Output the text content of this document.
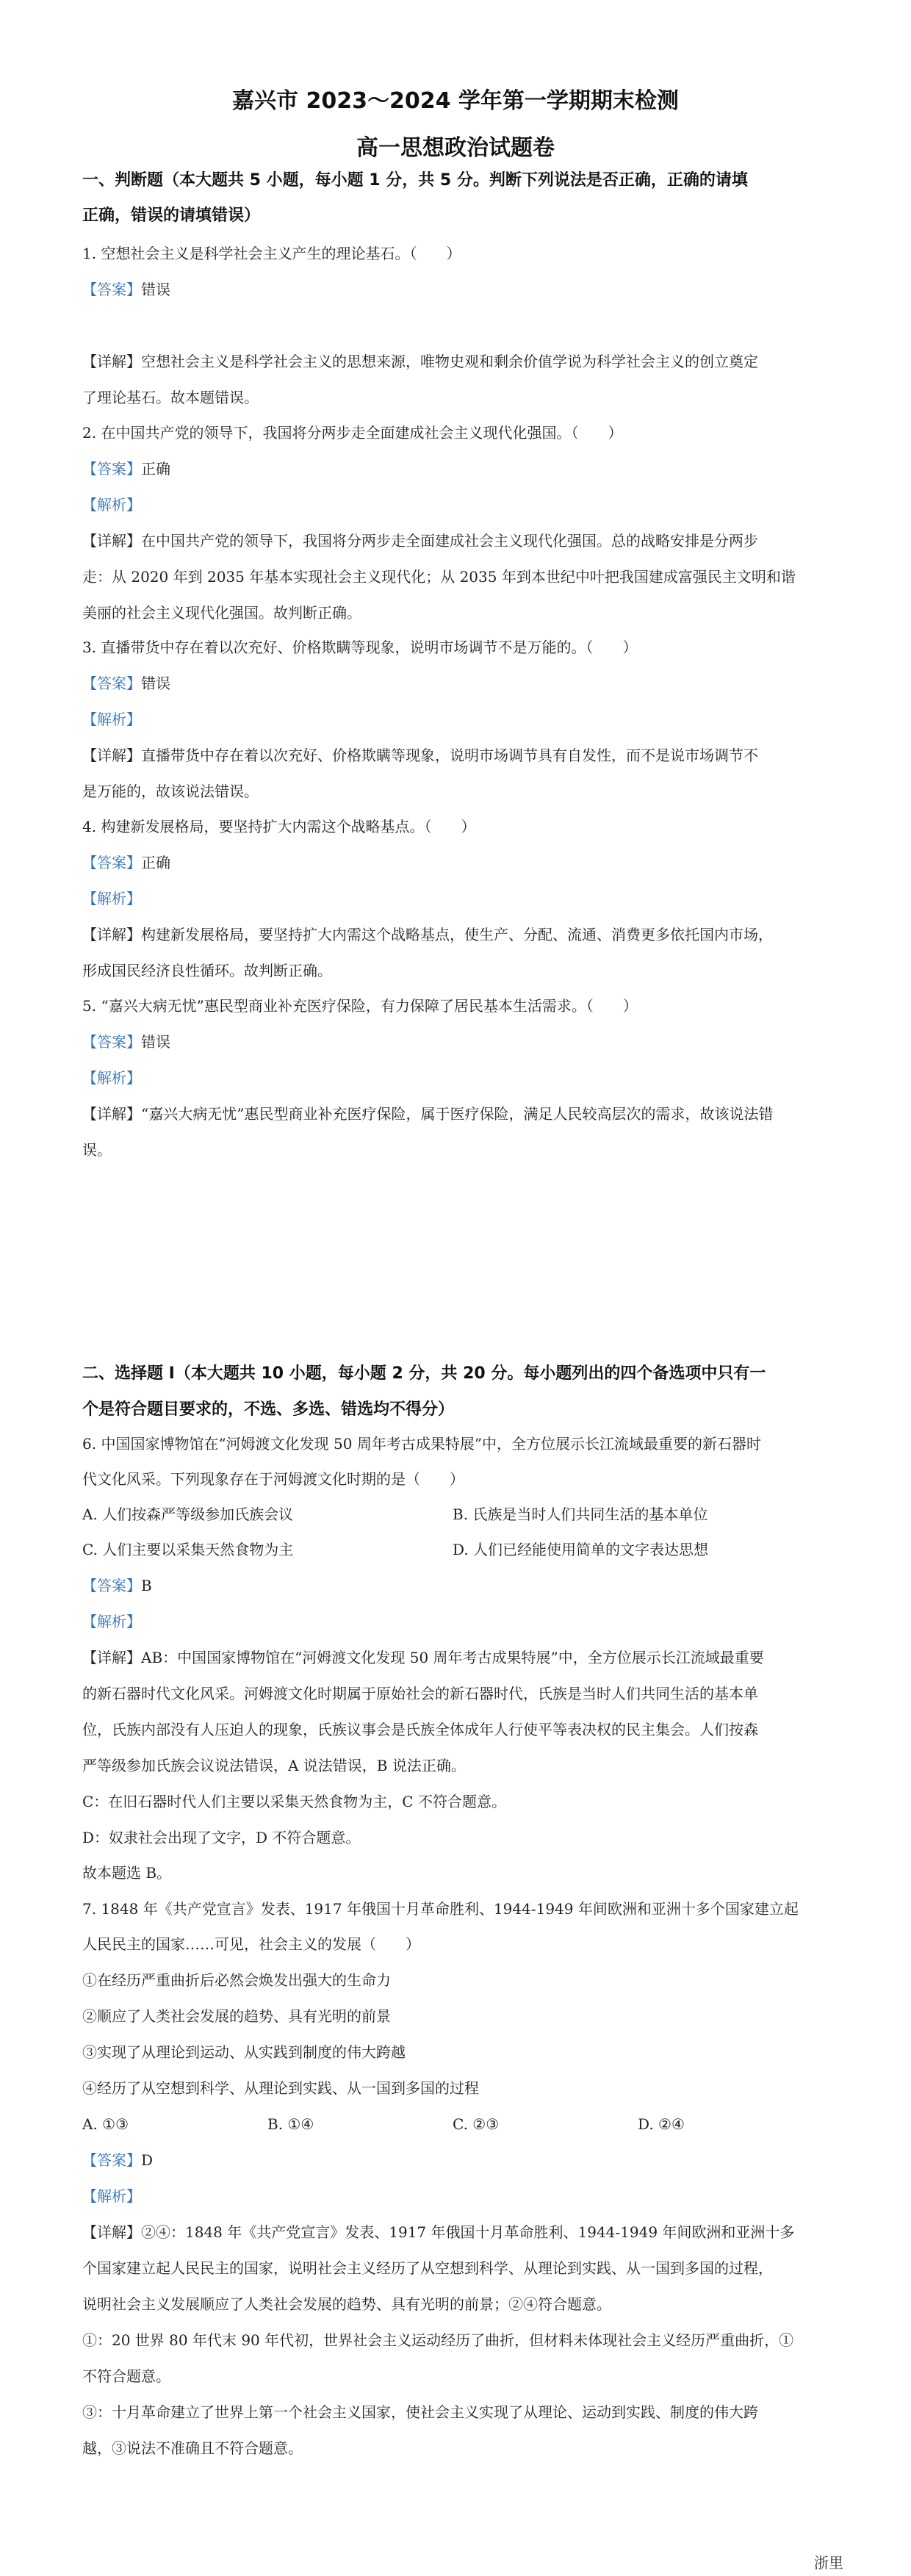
嘉兴市 2023～2024 学年第一学期期末检测
高一思想政治试题卷
一、判断题（本大题共 5 小题，每小题 1 分，共 5 分。判断下列说法是否正确，正确的请填
正确，错误的请填错误）
1. 空想社会主义是科学社会主义产生的理论基石。（　　）
【答案】错误
【详解】空想社会主义是科学社会主义的思想来源，唯物史观和剩余价值学说为科学社会主义的创立奠定
了理论基石。故本题错误。
2. 在中国共产党的领导下，我国将分两步走全面建成社会主义现代化强国。（　　）
【答案】正确
【解析】
【详解】在中国共产党的领导下，我国将分两步走全面建成社会主义现代化强国。总的战略安排是分两步
走：从 2020 年到 2035 年基本实现社会主义现代化；从 2035 年到本世纪中叶把我国建成富强民主文明和谐
美丽的社会主义现代化强国。故判断正确。
3. 直播带货中存在着以次充好、价格欺瞒等现象，说明市场调节不是万能的。（　　）
【答案】错误
【解析】
【详解】直播带货中存在着以次充好、价格欺瞒等现象，说明市场调节具有自发性，而不是说市场调节不
是万能的，故该说法错误。
4. 构建新发展格局，要坚持扩大内需这个战略基点。（　　）
【答案】正确
【解析】
【详解】构建新发展格局，要坚持扩大内需这个战略基点，使生产、分配、流通、消费更多依托国内市场，
形成国民经济良性循环。故判断正确。
5. “嘉兴大病无忧”惠民型商业补充医疗保险，有力保障了居民基本生活需求。（　　）
【答案】错误
【解析】
【详解】“嘉兴大病无忧”惠民型商业补充医疗保险，属于医疗保险，满足人民较高层次的需求，故该说法错
误。
二、选择题 Ⅰ（本大题共 10 小题，每小题 2 分，共 20 分。每小题列出的四个备选项中只有一
个是符合题目要求的，不选、多选、错选均不得分）
6. 中国国家博物馆在“河姆渡文化发现 50 周年考古成果特展”中，全方位展示长江流域最重要的新石器时
代文化风采。下列现象存在于河姆渡文化时期的是（　　）
A. 人们按森严等级参加氏族会议	B. 氏族是当时人们共同生活的基本单位
C. 人们主要以采集天然食物为主	D. 人们已经能使用简单的文字表达思想
【答案】B
【解析】
【详解】AB：中国国家博物馆在“河姆渡文化发现 50 周年考古成果特展”中，全方位展示长江流域最重要
的新石器时代文化风采。河姆渡文化时期属于原始社会的新石器时代，氏族是当时人们共同生活的基本单
位，氏族内部没有人压迫人的现象，氏族议事会是氏族全体成年人行使平等表决权的民主集会。人们按森
严等级参加氏族会议说法错误，A 说法错误，B 说法正确。
C：在旧石器时代人们主要以采集天然食物为主，C 不符合题意。
D：奴隶社会出现了文字，D 不符合题意。
故本题选 B。
7. 1848 年《共产党宣言》发表、1917 年俄国十月革命胜利、1944-1949 年间欧洲和亚洲十多个国家建立起
人民民主的国家……可见，社会主义的发展（　　）
①在经历严重曲折后必然会焕发出强大的生命力
②顺应了人类社会发展的趋势、具有光明的前景
③实现了从理论到运动、从实践到制度的伟大跨越
④经历了从空想到科学、从理论到实践、从一国到多国的过程
A. ①③	B. ①④	C. ②③	D. ②④
【答案】D
【解析】
【详解】②④：1848 年《共产党宣言》发表、1917 年俄国十月革命胜利、1944-1949 年间欧洲和亚洲十多
个国家建立起人民民主的国家，说明社会主义经历了从空想到科学、从理论到实践、从一国到多国的过程，
说明社会主义发展顺应了人类社会发展的趋势、具有光明的前景；②④符合题意。
①：20 世界 80 年代末 90 年代初，世界社会主义运动经历了曲折，但材料未体现社会主义经历严重曲折，①
不符合题意。
③：十月革命建立了世界上第一个社会主义国家，使社会主义实现了从理论、运动到实践、制度的伟大跨
越，③说法不准确且不符合题意。
浙里
